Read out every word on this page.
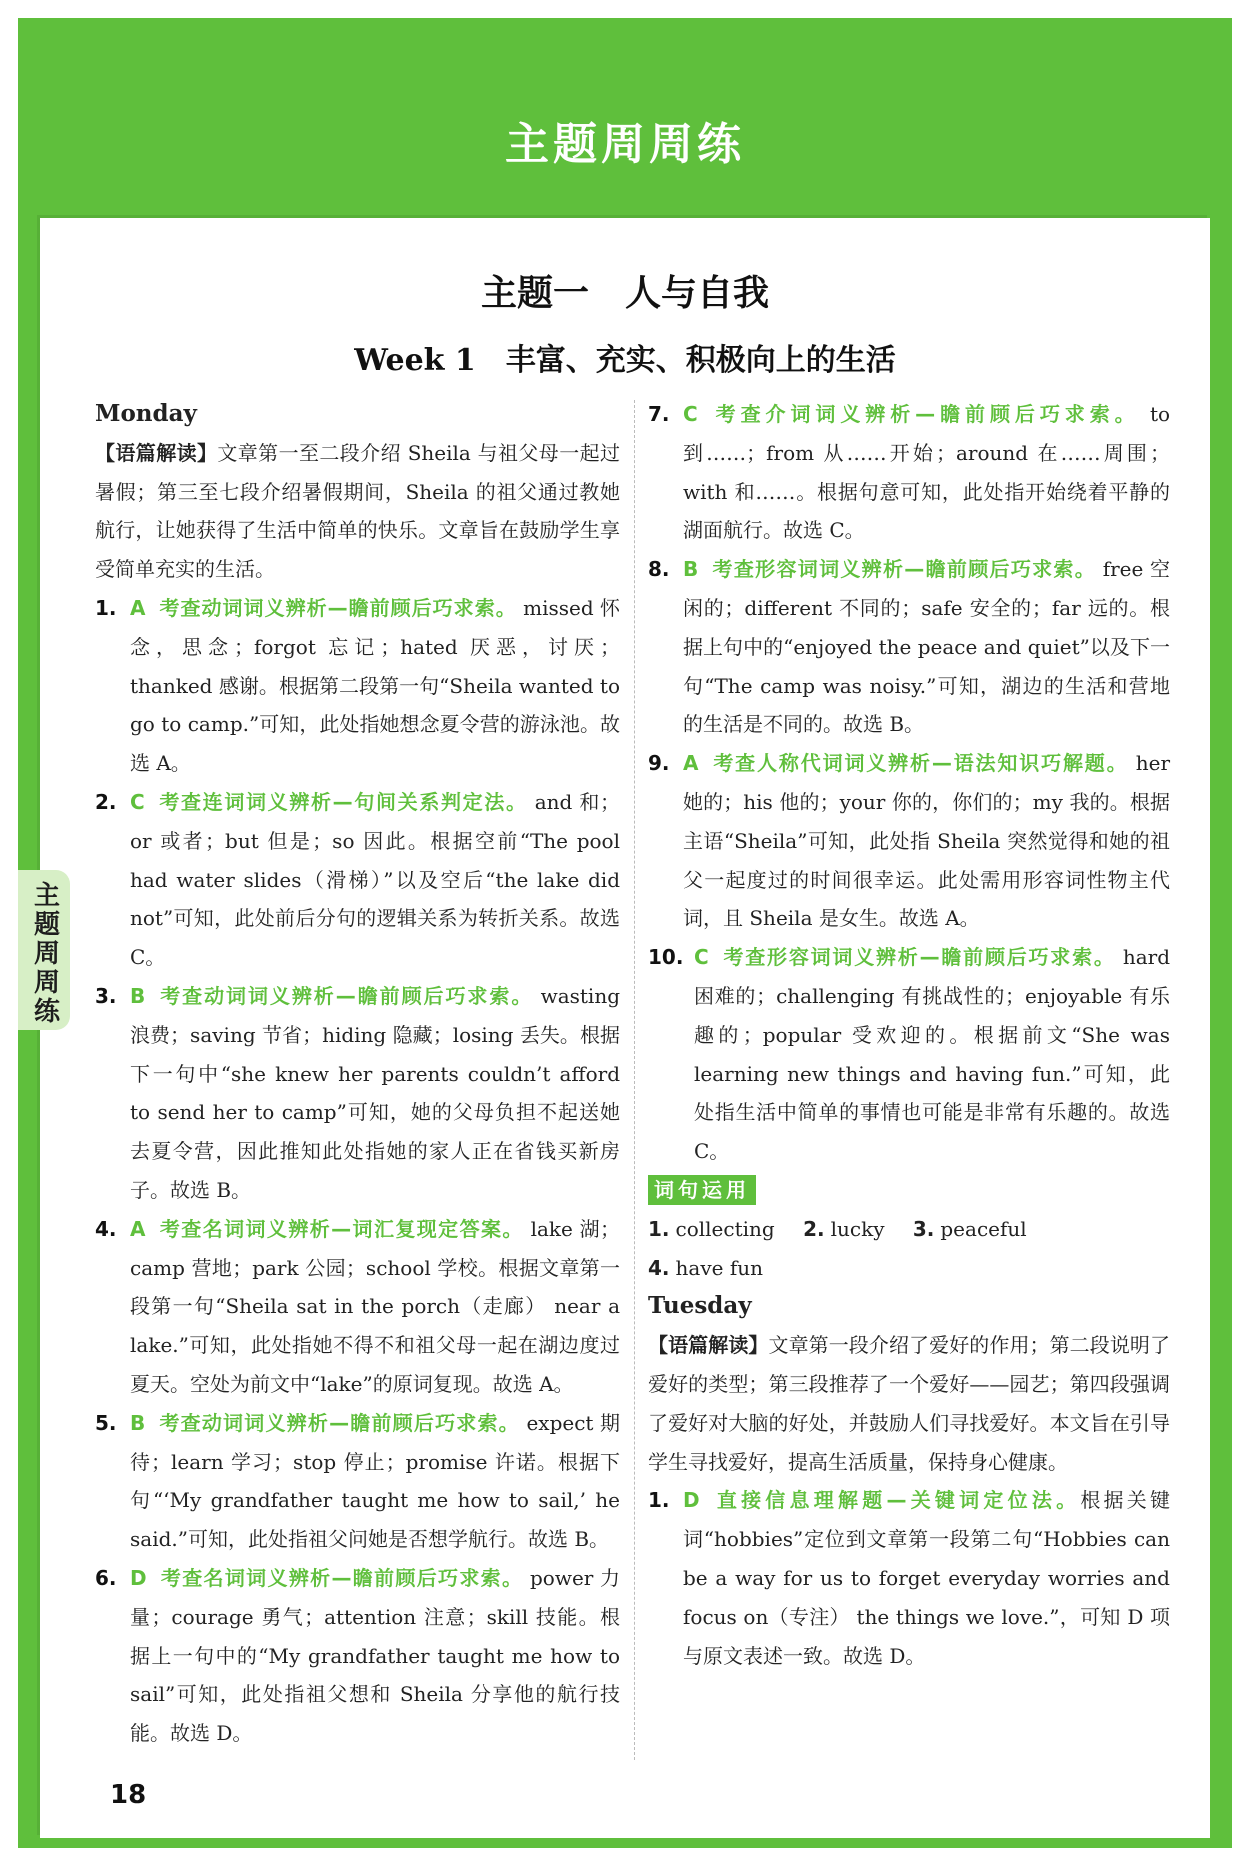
主题周周练
主题周周练
主题一　人与自我
Week 1　丰富、充实、积极向上的生活

Monday

【语篇解读】文章第一至二段介绍 Sheila 与祖父母一起过暑假；第三至七段介绍暑假期间，Sheila 的祖父通过教她航行，让她获得了生活中简单的快乐。文章旨在鼓励学生享受简单充实的生活。

1. A 考查动词词义辨析—瞻前顾后巧求索。 missed 怀念，思念；forgot 忘记；hated 厌恶，讨厌；thanked 感谢。根据第二段第一句“Sheila wanted to go to camp.”可知，此处指她想念夏令营的游泳池。故选 A。
2. C 考查连词词义辨析—句间关系判定法。 and 和；or 或者；but 但是；so 因此。根据空前“The pool had water slides（滑梯）”以及空后“the lake did not”可知，此处前后分句的逻辑关系为转折关系。故选 C。
3. B 考查动词词义辨析—瞻前顾后巧求索。 wasting 浪费；saving 节省；hiding 隐藏；losing 丢失。根据下一句中“she knew her parents couldn’t afford to send her to camp”可知，她的父母负担不起送她去夏令营，因此推知此处指她的家人正在省钱买新房子。故选 B。
4. A 考查名词词义辨析—词汇复现定答案。 lake 湖；camp 营地；park 公园；school 学校。根据文章第一段第一句“Sheila sat in the porch（走廊） near a lake.”可知，此处指她不得不和祖父母一起在湖边度过夏天。空处为前文中“lake”的原词复现。故选 A。
5. B 考查动词词义辨析—瞻前顾后巧求索。 expect 期待；learn 学习；stop 停止；promise 许诺。根据下句“‘My grandfather taught me how to sail,’ he said.”可知，此处指祖父问她是否想学航行。故选 B。
6. D 考查名词词义辨析—瞻前顾后巧求索。 power 力量；courage 勇气；attention 注意；skill 技能。根据上一句中的“My grandfather taught me how to sail”可知，此处指祖父想和 Sheila 分享他的航行技能。故选 D。
7. C 考查介词词义辨析—瞻前顾后巧求索。 to 到……；from 从……开始；around 在……周围；with 和……。根据句意可知，此处指开始绕着平静的湖面航行。故选 C。
8. B 考查形容词词义辨析—瞻前顾后巧求索。 free 空闲的；different 不同的；safe 安全的；far 远的。根据上句中的“enjoyed the peace and quiet”以及下一句“The camp was noisy.”可知，湖边的生活和营地的生活是不同的。故选 B。
9. A 考查人称代词词义辨析—语法知识巧解题。 her 她的；his 他的；your 你的，你们的；my 我的。根据主语“Sheila”可知，此处指 Sheila 突然觉得和她的祖父一起度过的时间很幸运。此处需用形容词性物主代词，且 Sheila 是女生。故选 A。
10. C 考查形容词词义辨析—瞻前顾后巧求索。 hard 困难的；challenging 有挑战性的；enjoyable 有乐趣的；popular 受欢迎的。根据前文“She was learning new things and having fun.”可知，此处指生活中简单的事情也可能是非常有乐趣的。故选 C。
词句运用

1. collecting 2. lucky 3. peaceful

4. have fun

Tuesday

【语篇解读】文章第一段介绍了爱好的作用；第二段说明了爱好的类型；第三段推荐了一个爱好——园艺；第四段强调了爱好对大脑的好处，并鼓励人们寻找爱好。本文旨在引导学生寻找爱好，提高生活质量，保持身心健康。

1. D 直接信息理解题—关键词定位法。根据关键词“hobbies”定位到文章第一段第二句“Hobbies can be a way for us to forget everyday worries and focus on（专注） the things we love.”，可知 D 项与原文表述一致。故选 D。
18
